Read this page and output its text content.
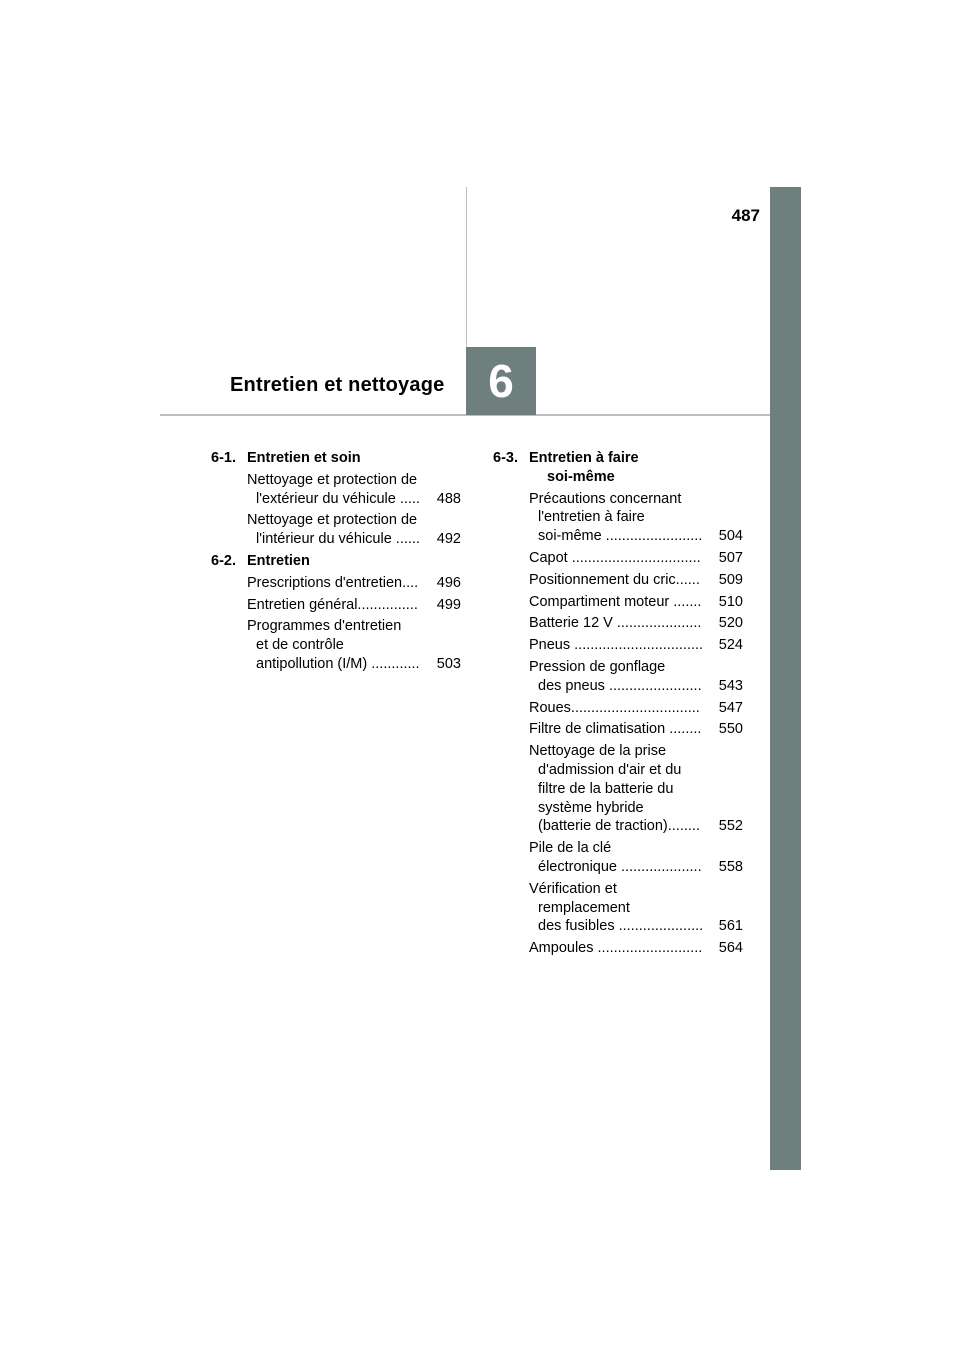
487
Entretien et nettoyage 6
6-1. Entretien et soin
Nettoyage et protection de
l'extérieur du véhicule .....	488
Nettoyage et protection de
l'intérieur du véhicule ......	492
6-2. Entretien
Prescriptions d'entretien....	496
Entretien général...............	499
Programmes d'entretien
et de contrôle
antipollution (I/M) ............	503
6-3. Entretien à faire
soi-même
Précautions concernant
l'entretien à faire
soi-même ........................	504
Capot ................................	507
Positionnement du cric......	509
Compartiment moteur .......	510
Batterie 12 V .....................	520
Pneus ................................	524
Pression de gonflage
des pneus .......................	543
Roues................................	547
Filtre de climatisation ........	550
Nettoyage de la prise
d'admission d'air et du
filtre de la batterie du
système hybride
(batterie de traction)........	552
Pile de la clé
électronique ....................	558
Vérification et
remplacement
des fusibles .....................	561
Ampoules ..........................	564
